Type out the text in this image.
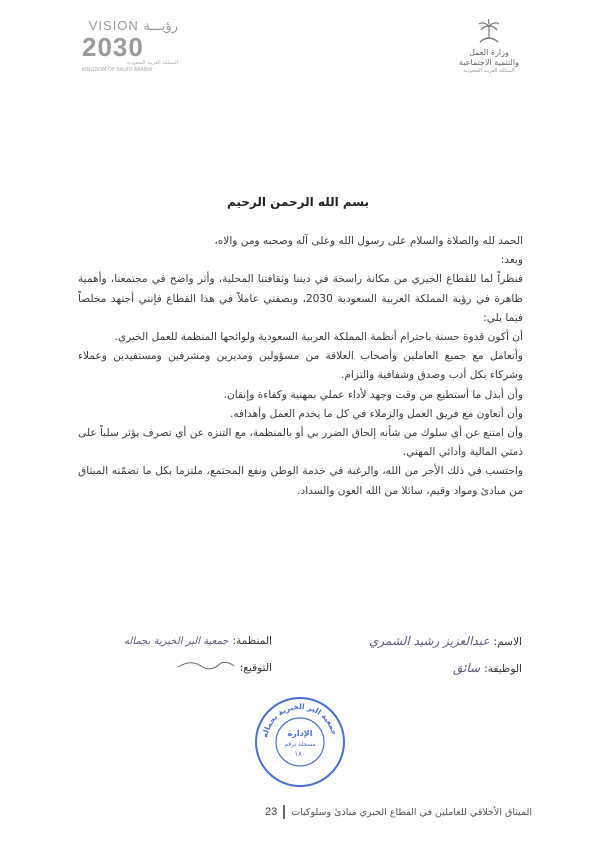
VISION رؤيـــة
2030
المملكة العربية السعودية
KINGDOM OF SAUDI ARABIA
وزارة العمل
والتنمية الاجتماعية
المملكة العربية السعودية
بسم الله الرحمن الرحيم

الحمد لله والصلاة والسلام على رسول الله وعلى آله وصحبه ومن والاه،

وبعد:

فنظراً لما للقطاع الخيري من مكانة راسخة في ديننا وثقافتنا المحلية، وأثر واضح في مجتمعنا، وأهمية ظاهرة في رؤية المملكة العربية السعودية 2030، وبصفتي عاملاً في هذا القطاع فإنني أجتهد مخلصاً فيما يلي:

أن أكون قدوة حسنة باحترام أنظمة المملكة العربية السعودية ولوائحها المنظمة للعمل الخيري.

وأتعامل مع جميع العاملين وأصحاب العلاقة من مسؤولين ومديرين ومشرفين ومستفيدين وعملاء وشركاء بكل أدب وصدق وشفافية والتزام.

وأن أبذل ما أستطيع من وقت وجهد لأداء عملي بمهنية وكفاءة وإتقان.

وأن أتعاون مع فريق العمل والزملاء في كل ما يخدم العمل وأهدافه.

وأن امتنع عن أي سلوك من شأنه إلحاق الضرر بي أو بالمنظمة، مع التنزه عن أي تصرف يؤثر سلباً على ذمتي المالية وأدائي المهني.

واحتسب في ذلك الأجر من الله، والرغبة في خدمة الوطن ونفع المجتمع، ملتزما بكل ما تضمّنه الميثاق من مبادئ ومواد وقيم، سائلا من الله العون والسداد.

الاسم:
عبدالعزيز رشيد الشمري
الوظيفة:
سائق
المنظمة:
جمعية البر الخيرية بجماله
التوقيع:
جمعية البر الخيرية بجماله
الإدارة
مسجلة برقم
١٨٠
الميثاق الأخلاقي للعاملين في القطاع الخيري مبادئ وسلوكيات
23
